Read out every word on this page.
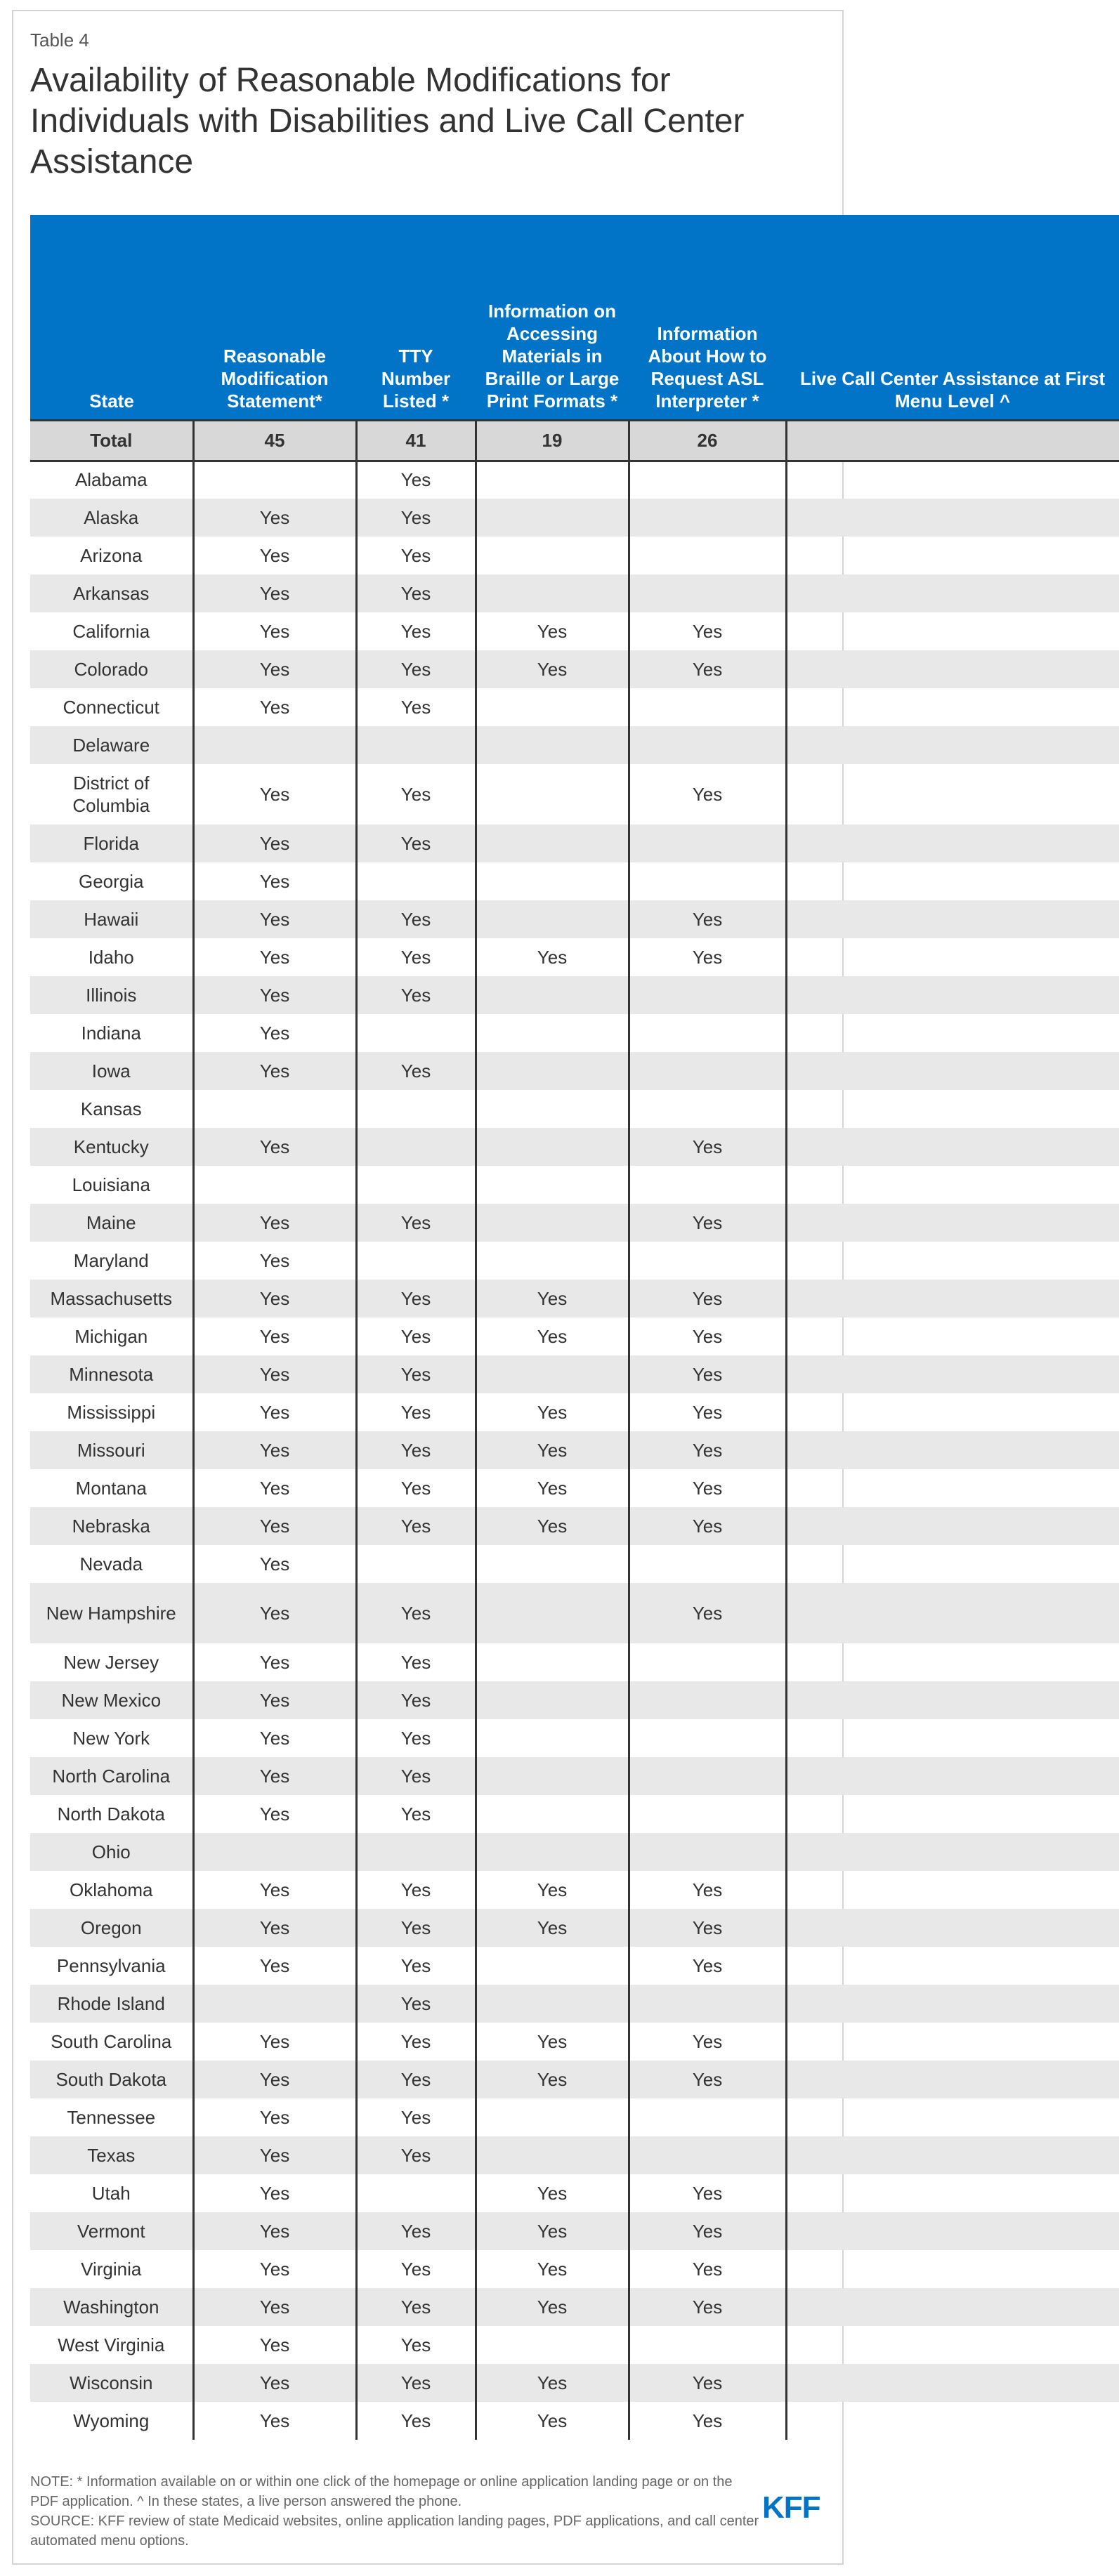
Table 4
Availability of Reasonable Modifications for Individuals with Disabilities and Live Call Center Assistance
State	Reasonable Modification Statement*	TTY Number Listed *	Information on Accessing Materials in Braille or Large Print Formats *	Information About How to Request ASL Interpreter *	Live Call Center Assistance at First Menu Level ^
Total	45	41	19	26	
Alabama		Yes			
Alaska	Yes	Yes			
Arizona	Yes	Yes			
Arkansas	Yes	Yes			
California	Yes	Yes	Yes	Yes	
Colorado	Yes	Yes	Yes	Yes	
Connecticut	Yes	Yes			
Delaware					
District of Columbia	Yes	Yes		Yes	
Florida	Yes	Yes			
Georgia	Yes				
Hawaii	Yes	Yes		Yes	
Idaho	Yes	Yes	Yes	Yes	
Illinois	Yes	Yes			
Indiana	Yes				
Iowa	Yes	Yes			
Kansas					
Kentucky	Yes			Yes	
Louisiana					
Maine	Yes	Yes		Yes	
Maryland	Yes				
Massachusetts	Yes	Yes	Yes	Yes	
Michigan	Yes	Yes	Yes	Yes	
Minnesota	Yes	Yes		Yes	
Mississippi	Yes	Yes	Yes	Yes	
Missouri	Yes	Yes	Yes	Yes	
Montana	Yes	Yes	Yes	Yes	
Nebraska	Yes	Yes	Yes	Yes	
Nevada	Yes				
New Hampshire	Yes	Yes		Yes	
New Jersey	Yes	Yes			
New Mexico	Yes	Yes			
New York	Yes	Yes			
North Carolina	Yes	Yes			
North Dakota	Yes	Yes			
Ohio					
Oklahoma	Yes	Yes	Yes	Yes	
Oregon	Yes	Yes	Yes	Yes	
Pennsylvania	Yes	Yes		Yes	
Rhode Island		Yes			
South Carolina	Yes	Yes	Yes	Yes	
South Dakota	Yes	Yes	Yes	Yes	
Tennessee	Yes	Yes			
Texas	Yes	Yes			
Utah	Yes		Yes	Yes	
Vermont	Yes	Yes	Yes	Yes	
Virginia	Yes	Yes	Yes	Yes	
Washington	Yes	Yes	Yes	Yes	
West Virginia	Yes	Yes			
Wisconsin	Yes	Yes	Yes	Yes	
Wyoming	Yes	Yes	Yes	Yes	
NOTE: * Information available on or within one click of the homepage or online application landing page or on the PDF application. ^ In these states, a live person answered the phone.
SOURCE: KFF review of state Medicaid websites, online application landing pages, PDF applications, and call center automated menu options.
KFF
